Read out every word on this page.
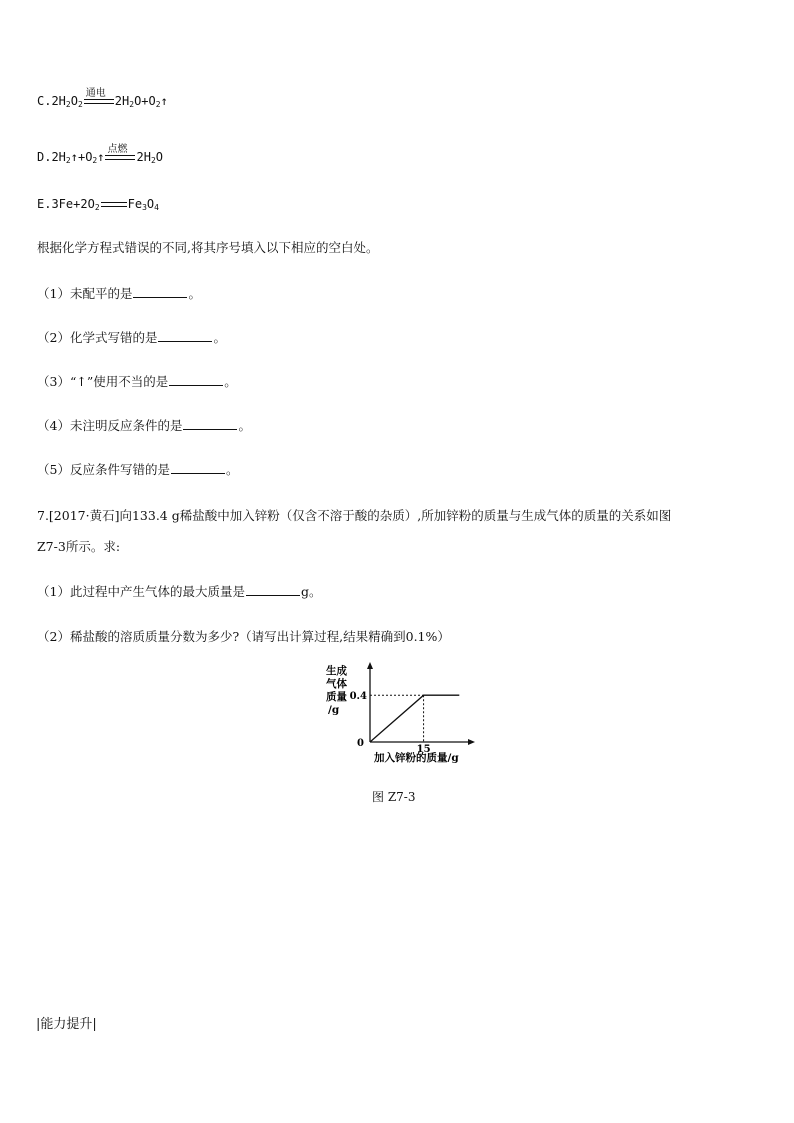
$C.2H_2O_2$
通电
$2H_2O+O_2↑$
$D.2H_2↑+O_2↑$
点燃
$2H_2O$
$E.3Fe+2O_2$ $Fe_3O_4$
根据化学方程式错误的不同,将其序号填入以下相应的空白处。
（1）未配平的是	。
（2）化学式写错的是	。
（3）“↑”使用不当的是	。
（4）未注明反应条件的是	。
（5）反应条件写错的是	。
7.[2017·黄石]向133.4 g稀盐酸中加入锌粉（仅含不溶于酸的杂质）,所加锌粉的质量与生成气体的质量的关系如图
Z7-3所示。求:
（1）此过程中产生气体的最大质量是	g。
（2）稀盐酸的溶质质量分数为多少?（请写出计算过程,结果精确到0.1%）
生成
气体
质量
/g
0.4
15
0
加入锌粉的质量/g
图 Z7-3
|能力提升|
